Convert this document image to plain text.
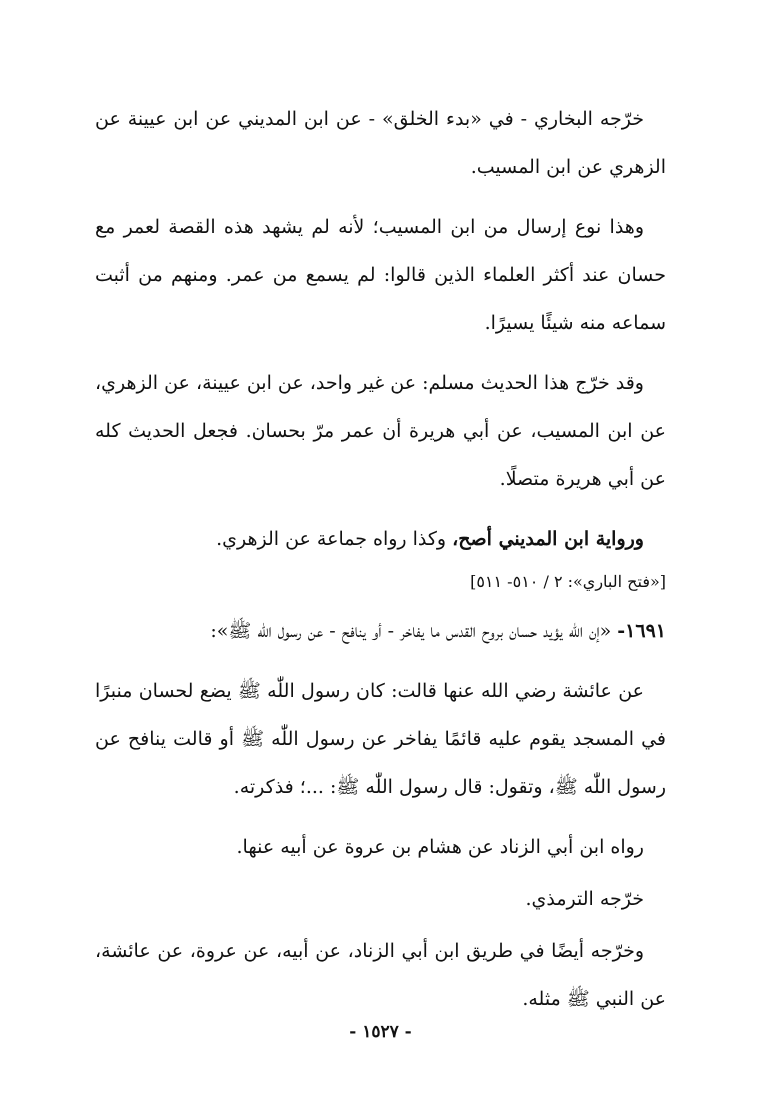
خرّجه البخاري - في «بدء الخلق» - عن ابن المديني عن ابن عيينة عن الزهري عن ابن المسيب.

وهذا نوع إرسال من ابن المسيب؛ لأنه لم يشهد هذه القصة لعمر مع حسان عند أكثر العلماء الذين قالوا: لم يسمع من عمر. ومنهم من أثبت سماعه منه شيئًا يسيرًا.

وقد خرّج هذا الحديث مسلم: عن غير واحد، عن ابن عيينة، عن الزهري، عن ابن المسيب، عن أبي هريرة أن عمر مرّ بحسان. فجعل الحديث كله عن أبي هريرة متصلًا.

ورواية ابن المديني أصح، وكذا رواه جماعة عن الزهري.

[«فتح الباري»: ٢ / ٥١٠- ٥١١]

١٦٩١- «إن اللّٰه يؤيد حسان بروح القدس ما يفاخر - أو ينافح - عن رسول اللّٰه ﷺ»:

عن عائشة رضي الله عنها قالت: كان رسول اللّٰه ﷺ يضع لحسان منبرًا في المسجد يقوم عليه قائمًا يفاخر عن رسول اللّٰه ﷺ أو قالت ينافح عن رسول اللّٰه ﷺ، وتقول: قال رسول اللّٰه ﷺ: ...؛ فذكرته.

رواه ابن أبي الزناد عن هشام بن عروة عن أبيه عنها.

خرّجه الترمذي.

وخرّجه أيضًا في طريق ابن أبي الزناد، عن أبيه، عن عروة، عن عائشة، عن النبي ﷺ مثله.

- ١٥٢٧ -
